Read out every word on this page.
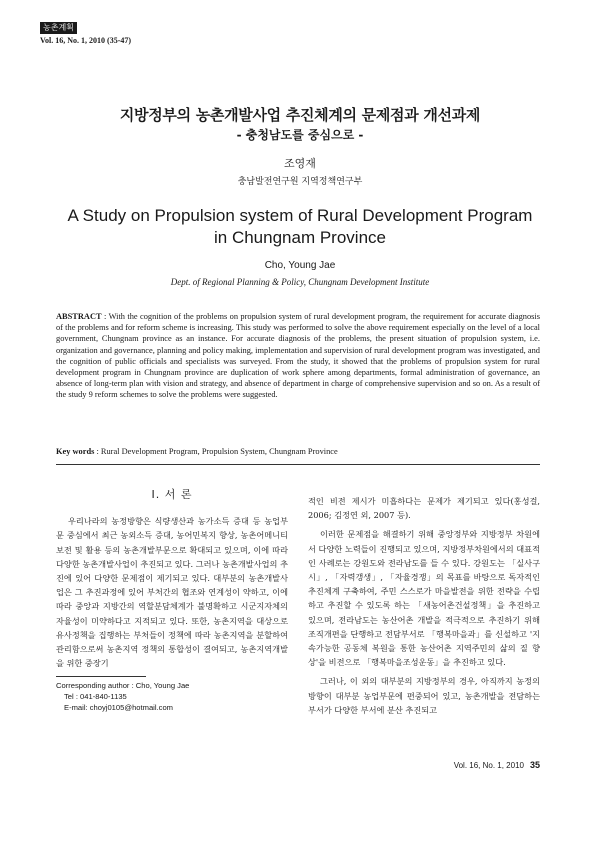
농촌계획
Vol. 16, No. 1, 2010 (35-47)
지방정부의 농촌개발사업 추진체계의 문제점과 개선과제
- 충청남도를 중심으로 -
조영재
충남발전연구원 지역정책연구부
A Study on Propulsion system of Rural Development Program in Chungnam Province
Cho, Young Jae
Dept. of Regional Planning & Policy, Chungnam Development Institute
ABSTRACT : With the cognition of the problems on propulsion system of rural development program, the requirement for accurate diagnosis of the problems and for reform scheme is increasing. This study was performed to solve the above requirement especially on the level of a local government, Chungnam province as an instance. For accurate diagnosis of the problems, the present situation of propulsion system, i.e. organization and governance, planning and policy making, implementation and supervision of rural development program was investigated, and the cognition of public officials and specialists was surveyed. From the study, it showed that the problems of propulsion system for rural development program in Chungnam province are duplication of work sphere among departments, formal administration of governance, an absence of long-term plan with vision and strategy, and absence of department in charge of comprehensive supervision and so on. As a result of the study 9 reform schemes to solve the problems were suggested.
Key words : Rural Development Program, Propulsion System, Chungnam Province
I. 서 론

우리나라의 농정방향은 식량생산과 농가소득 증대 등 농업부문 중심에서 최근 농외소득 증대, 농어민복지 향상, 농촌어메니티 보전 및 활용 등의 농촌개발부문으로 확대되고 있으며, 이에 따라 다양한 농촌개발사업이 추진되고 있다. 그러나 농촌개발사업의 추진에 있어 다양한 문제점이 제기되고 있다. 대부분의 농촌개발사업은 그 추진과정에 있어 부처간의 협조와 연계성이 약하고, 이에 따라 중앙과 지방간의 역할분담체계가 불명확하고 시군지자체의 자율성이 미약하다고 지적되고 있다. 또한, 농촌지역을 대상으로 유사정책을 집행하는 부처들이 정책에 따라 농촌지역을 분할하여 관리함으로써 농촌지역 정책의 통합성이 결여되고, 농촌지역개발을 위한 중장기

적인 비전 제시가 미흡하다는 문제가 제기되고 있다(홍성걸, 2006; 김정연 외, 2007 등).

이러한 문제점을 해결하기 위해 중앙정부와 지방정부 차원에서 다양한 노력들이 진행되고 있으며, 지방정부차원에서의 대표적인 사례로는 강원도와 전라남도를 들 수 있다. 강원도는 「실사구시」, 「자력갱생」, 「자율경쟁」의 목표를 바탕으로 독자적인 추진체계 구축하여, 주민 스스로가 마을발전을 위한 전략을 수립하고 추진할 수 있도록 하는 「새농어촌건설정책」을 추진하고 있으며, 전라남도는 농산어촌 개발을 적극적으로 추진하기 위해 조직개편을 단행하고 전담부서로 「행복마을과」를 신설하고 '지속가능한 공동체 복원을 통한 농산어촌 지역주민의 삶의 질 향상'을 비전으로 「행복마을조성운동」을 추진하고 있다.

그러나, 이 외의 대부분의 지방정부의 경우, 아직까지 농정의 방향이 대부분 농업부문에 편중되어 있고, 농촌개발을 전담하는 부서가 다양한 부서에 분산 추진되고

Corresponding author : Cho, Young Jae
Tel : 041-840-1135
E-mail: choyj0105@hotmail.com
Vol. 16, No. 1, 2010 35
